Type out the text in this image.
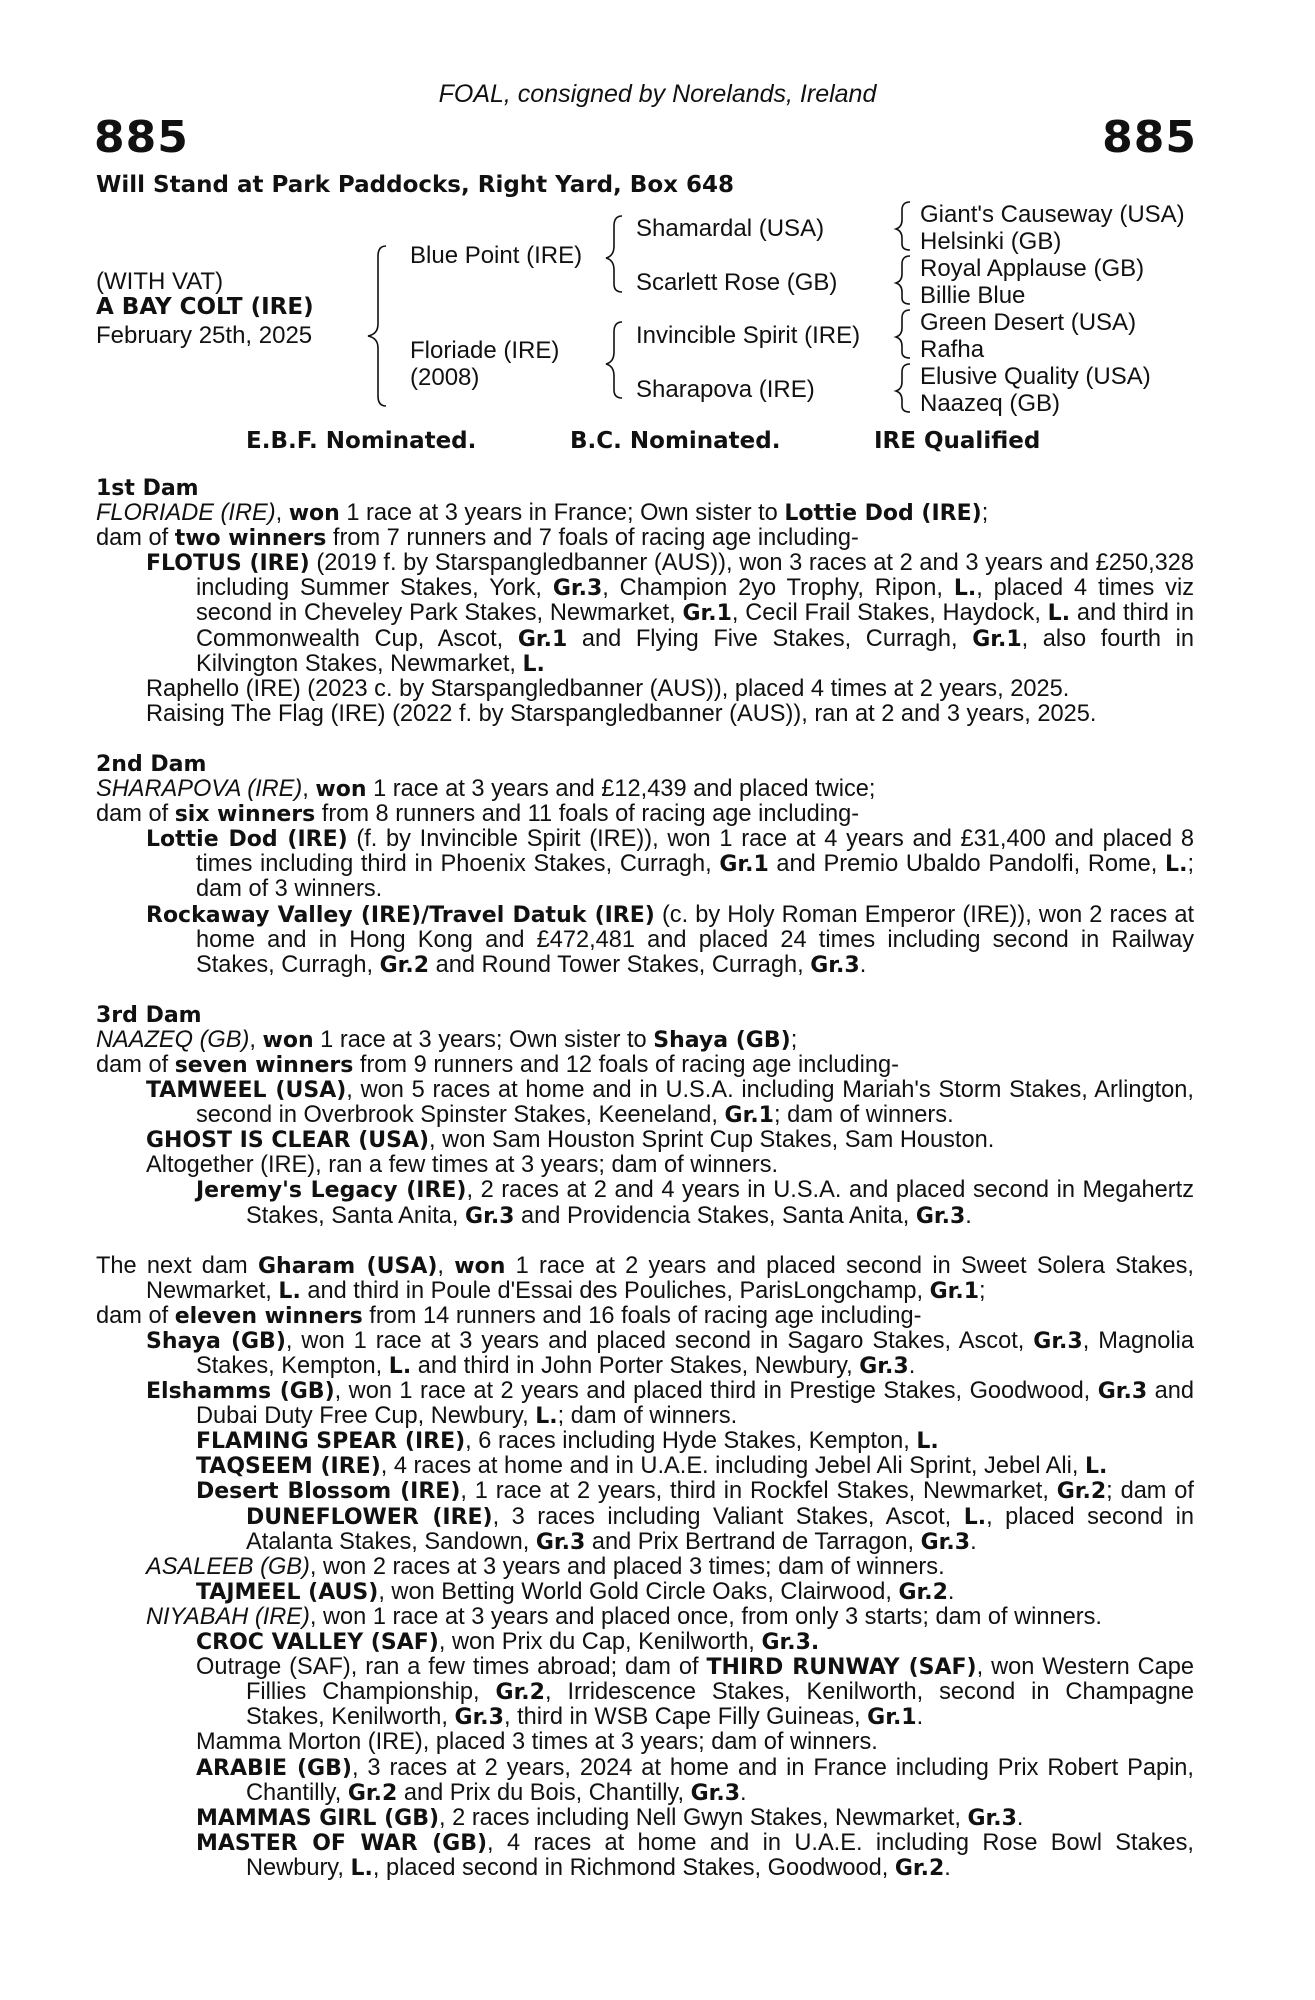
FOAL, consigned by Norelands, Ireland
885	885
Will Stand at Park Paddocks, Right Yard, Box 648
(WITH VAT)
A BAY COLT (IRE)
February 25th, 2025
Blue Point (IRE)
Floriade (IRE)
(2008)
Shamardal (USA)
Scarlett Rose (GB)
Invincible Spirit (IRE)
Sharapova (IRE)
Giant's Causeway (USA)
Helsinki (GB)
Royal Applause (GB)
Billie Blue
Green Desert (USA)
Rafha
Elusive Quality (USA)
Naazeq (GB)
E.B.F. Nominated.	B.C. Nominated.	IRE Qualified
1st Dam
FLORIADE (IRE), won 1 race at 3 years in France; Own sister to Lottie Dod (IRE);
dam of two winners from 7 runners and 7 foals of racing age including-
FLOTUS (IRE) (2019 f. by Starspangledbanner (AUS)), won 3 races at 2 and 3 years and £250,328 including Summer Stakes, York, Gr.3, Champion 2yo Trophy, Ripon, L., placed 4 times viz second in Cheveley Park Stakes, Newmarket, Gr.1, Cecil Frail Stakes, Haydock, L. and third in Commonwealth Cup, Ascot, Gr.1 and Flying Five Stakes, Curragh, Gr.1, also fourth in Kilvington Stakes, Newmarket, L.
Raphello (IRE) (2023 c. by Starspangledbanner (AUS)), placed 4 times at 2 years, 2025.
Raising The Flag (IRE) (2022 f. by Starspangledbanner (AUS)), ran at 2 and 3 years, 2025.
2nd Dam
SHARAPOVA (IRE), won 1 race at 3 years and £12,439 and placed twice;
dam of six winners from 8 runners and 11 foals of racing age including-
Lottie Dod (IRE) (f. by Invincible Spirit (IRE)), won 1 race at 4 years and £31,400 and placed 8 times including third in Phoenix Stakes, Curragh, Gr.1 and Premio Ubaldo Pandolfi, Rome, L.; dam of 3 winners.
Rockaway Valley (IRE)/Travel Datuk (IRE) (c. by Holy Roman Emperor (IRE)), won 2 races at home and in Hong Kong and £472,481 and placed 24 times including second in Railway Stakes, Curragh, Gr.2 and Round Tower Stakes, Curragh, Gr.3.
3rd Dam
NAAZEQ (GB), won 1 race at 3 years; Own sister to Shaya (GB);
dam of seven winners from 9 runners and 12 foals of racing age including-
TAMWEEL (USA), won 5 races at home and in U.S.A. including Mariah's Storm Stakes, Arlington, second in Overbrook Spinster Stakes, Keeneland, Gr.1; dam of winners.
GHOST IS CLEAR (USA), won Sam Houston Sprint Cup Stakes, Sam Houston.
Altogether (IRE), ran a few times at 3 years; dam of winners.
Jeremy's Legacy (IRE), 2 races at 2 and 4 years in U.S.A. and placed second in Megahertz Stakes, Santa Anita, Gr.3 and Providencia Stakes, Santa Anita, Gr.3.
The next dam Gharam (USA), won 1 race at 2 years and placed second in Sweet Solera Stakes, Newmarket, L. and third in Poule d'Essai des Pouliches, ParisLongchamp, Gr.1;
dam of eleven winners from 14 runners and 16 foals of racing age including-
Shaya (GB), won 1 race at 3 years and placed second in Sagaro Stakes, Ascot, Gr.3, Magnolia Stakes, Kempton, L. and third in John Porter Stakes, Newbury, Gr.3.
Elshamms (GB), won 1 race at 2 years and placed third in Prestige Stakes, Goodwood, Gr.3 and Dubai Duty Free Cup, Newbury, L.; dam of winners.
FLAMING SPEAR (IRE), 6 races including Hyde Stakes, Kempton, L.
TAQSEEM (IRE), 4 races at home and in U.A.E. including Jebel Ali Sprint, Jebel Ali, L.
Desert Blossom (IRE), 1 race at 2 years, third in Rockfel Stakes, Newmarket, Gr.2; dam of DUNEFLOWER (IRE), 3 races including Valiant Stakes, Ascot, L., placed second in Atalanta Stakes, Sandown, Gr.3 and Prix Bertrand de Tarragon, Gr.3.
ASALEEB (GB), won 2 races at 3 years and placed 3 times; dam of winners.
TAJMEEL (AUS), won Betting World Gold Circle Oaks, Clairwood, Gr.2.
NIYABAH (IRE), won 1 race at 3 years and placed once, from only 3 starts; dam of winners.
CROC VALLEY (SAF), won Prix du Cap, Kenilworth, Gr.3.
Outrage (SAF), ran a few times abroad; dam of THIRD RUNWAY (SAF), won Western Cape Fillies Championship, Gr.2, Irridescence Stakes, Kenilworth, second in Champagne Stakes, Kenilworth, Gr.3, third in WSB Cape Filly Guineas, Gr.1.
Mamma Morton (IRE), placed 3 times at 3 years; dam of winners.
ARABIE (GB), 3 races at 2 years, 2024 at home and in France including Prix Robert Papin, Chantilly, Gr.2 and Prix du Bois, Chantilly, Gr.3.
MAMMAS GIRL (GB), 2 races including Nell Gwyn Stakes, Newmarket, Gr.3.
MASTER OF WAR (GB), 4 races at home and in U.A.E. including Rose Bowl Stakes, Newbury, L., placed second in Richmond Stakes, Goodwood, Gr.2.
